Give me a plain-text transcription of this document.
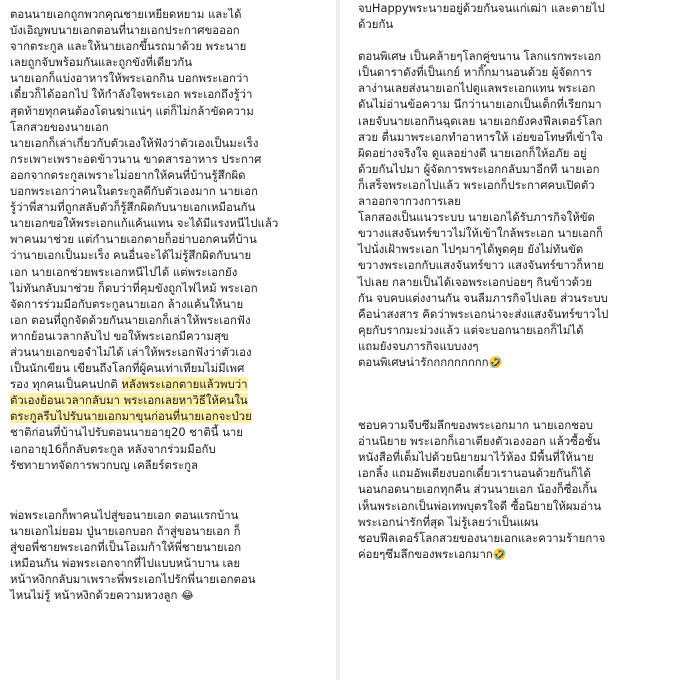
ตอนนายเอกถูกพวกคุณชายเหยียดหยาม และได้
บังเอิญพบนายเอกตอนที่นายเอกประกาศขอออก
จากตระกูล และให้นายเอกขึ้นรถมาด้วย พระนาย
เลยถูกจับพร้อมกันและถูกขังที่เดียวกัน
นายเอกก็แบ่งอาหารให้พระเอกกิน บอกพระเอกว่า
เดี๋ยวก็ได้ออกไป ให้กำลังใจพระเอก พระเอกถึงรู้ว่า
สุดท้ายทุกคนต้องโดนฆ่าแน่ๆ แต่ก็ไม่กล้าขัดความ
โลกสวยของนายเอก
นายเอกก็เล่าเกี่ยวกับตัวเองให้ฟังว่าตัวเองเป็นมะเร็ง
กระเพาะเพราะอดข้าวนาน ขาดสารอาหาร ประกาศ
ออกจากตระกูลเพราะไม่อยากให้คนที่บ้านรู้สึกผิด
บอกพระเอกว่าคนในตระกูลดีกับตัวเองมาก นายเอก
รู้ว่าพี่สามที่ถูกสลับตัวก็รู้สึกผิดกับนายเอกเหมือนกัน
นายเอกขอให้พระเอกแก้แค้นแทน จะได้มีแรงหนีไปแล้ว
พาคนมาช่วย แต่กำนายเอกตายก็อย่าบอกคนที่บ้าน
ว่านายเอกเป็นมะเร็ง คนอื่นจะได้ไม่รู้สึกผิดกับนาย
เอก นายเอกช่วยพระเอกหนีไปได้ แต่พระเอกยัง
ไม่ทันกลับมาช่วย ก็ดบว่าที่คุมขังถูกไฟไหม้ พระเอก
จัดการร่วมมือกับตระกูลนายเอก ล้างแค้นให้นาย
เอก ตอนที่ถูกจัดด้วยกันนายเอกก็เล่าให้พระเอกฟัง
หากย้อนเวลากลับไป ขอให้พระเอกมีความสุข
ส่วนนายเอกขอจำไม่ได้ เล่าให้พระเอกฟังว่าตัวเอง
เป็นนักเขียน เขียนถึงโลกที่ผู้คนเท่าเทียมไม่มีเพศ
รอง ทุกคนเป็นคนปกติ หลังพระเอกตายแล้วพบว่า
ตัวเองย้อนเวลากลับมา พระเอกเลยหาวิธีให้คนใน
ตระกูลรีบไปรับนายเอกมาขุนก่อนที่นายเอกจะป่วย
ชาติก่อนที่บ้านไปรับตอนนายอายุ20 ชาตินี้ นาย
เอกอายุ16ก็กลับตระกูล หลังจากร่วมมือกับ
รัชทายาทจัดการพวกบญ เคลียร์ตระกูล

พ่อพระเอกก็พาคนไปสู่ขอนายเอก ตอนแรกบ้าน
นายเอกไม่ยอม ปู่นายเอกบอก ถ้าสู่ขอนายเอก ก็
สู่ขอพี่ชายพระเอกที่เป็นโอเมก้าให้พี่ชายนายเอก
เหมือนกัน พ่อพระเอกจากที่ไปแบบหน้าบาน เลย
หน้าหงิกกลับมาเพราะพี่พระเอกไปรักพี่นายเอกตอน
ไหนไม่รู้ หน้าหงิกด้วยความหวงลูก 😂

จบHappyพระนายอยู่ด้วยกันจนแก่เฒ่า และตายไป
ด้วยกัน

ตอนพิเศษ เป็นคล้ายๆโลกคู่ขนาน โลกแรกพระเอก
เป็นดาราดังที่เป็นเกย์ หากิ๊กมานอนด้วย ผู้จัดการ
ลาง่านเลยส่งนายเอกไปดูแลพระเอกแทน พระเอก
ดันไม่อ่านข้อความ นึกว่านายเอกเป็นเด็กที่เรียกมา
เลยจับนายเอกกินฉุดเลย นายเอกยังคงฟีลเตอร์โลก
สวย ตื่นมาพระเอกทำอาหารให้ เอ่ยขอโทษที่เข้าใจ
ผิดอย่างจริงใจ ดูแลอย่างดี นายเอกก็ให้อภัย อยู่
ด้วยกันไปมา ผู้จัดการพระเอกกลับมาอีกที นายเอก
ก็เสร็จพระเอกไปแล้ว พระเอกก็ประกาศคบเปิดตัว
ลาออกจากวงการเลย
โลกสองเป็นแนวระบบ นายเอกได้รับภารกิจให้ขัด
ขวางแสงจันทร์ขาวไม่ให้เข้าใกล้พระเอก นายเอกก็
ไปนั่งเฝ้าพระเอก ไปๆมาๆได้พูดคุย ยังไม่ทันขัด
ขวางพระเอกกับแสงจันทร์ขาว แสงจันทร์ขาวก็หาย
ไปเลย กลายเป็นได้เจอพระเอกบ่อยๆ กินข้าวด้วย
กัน จบคบแต่งงานกัน จนลืมภารกิจไปเลย ส่วนระบบ
คือน่าสงสาร คิดว่าพระเอกน่าจะส่งแสงจันทร์ขาวไป
คุยกับรากมะม่วงแล้ว แต่จะบอกนายเอกก็ไม่ได้
แถมยังจบภารกิจแบบงงๆ
ตอนพิเศษน่ารักกกกกกกกก🤣

ชอบความจีบซึมลึกของพระเอกมาก นายเอกชอบ
อ่านนิยาย พระเอกก็เอาเตียงตัวเองออก แล้วซื้อชั้น
หนังสือที่เต็มไปด้วยนิยายมาไว้ห้อง มีพื้นที่ให้นาย
เอกลิ้ง แถมอัพเตียงบอกเดี๋ยวเรานอนด้วยกันก็ได้
นอนกอดนายเอกทุกคืน ส่วนนายเอก น้องก็ซื่อเกิ้น
เห็นพระเอกเป็นพ่อเทพบุตรใจดี ซื้อนิยายให้ผมอ่าน
พระเอกน่ารักที่สุด ไม่รู้เลยว่าเป็นแผน
ชอบฟีลเตอร์โลกสวยของนายเอกและความร้ายกาจ
ค่อยๆซึมลึกของพระเอกมาก🤣
